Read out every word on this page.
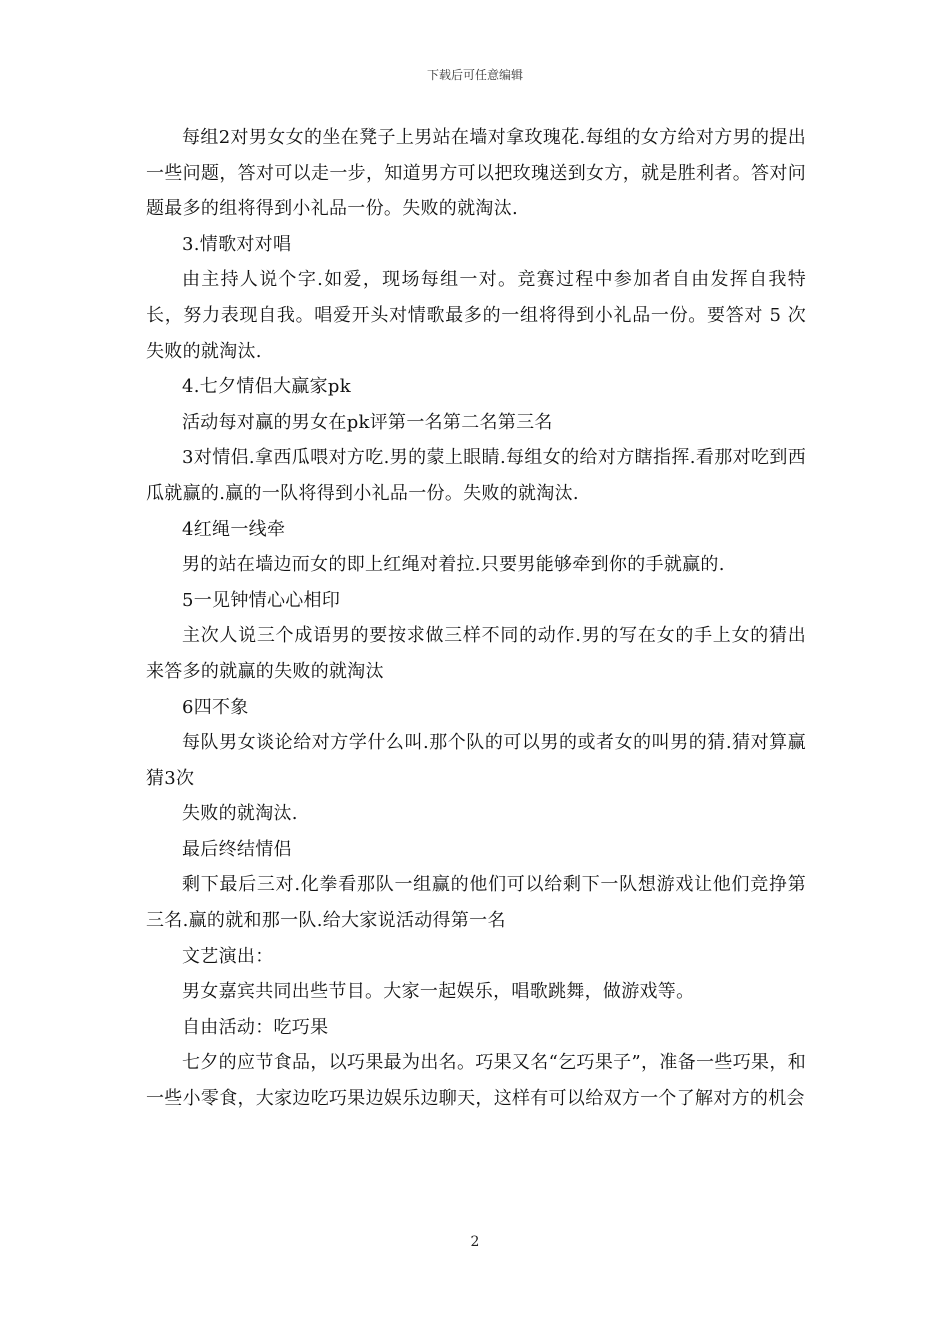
下载后可任意编辑

每组2对男女女的坐在凳子上男站在墙对拿玫瑰花.每组的女方给对方男的提出一些问题，答对可以走一步，知道男方可以把玫瑰送到女方，就是胜利者。答对问题最多的组将得到小礼品一份。失败的就淘汰.

3.情歌对对唱

由主持人说个字.如爱，现场每组一对。竞赛过程中参加者自由发挥自我特长，努力表现自我。唱爱开头对情歌最多的一组将得到小礼品一份。要答对 5 次失败的就淘汰.

4.七夕情侣大赢家pk

活动每对赢的男女在pk评第一名第二名第三名

3对情侣.拿西瓜喂对方吃.男的蒙上眼睛.每组女的给对方瞎指挥.看那对吃到西瓜就赢的.赢的一队将得到小礼品一份。失败的就淘汰.

4红绳一线牵

男的站在墙边而女的即上红绳对着拉.只要男能够牵到你的手就赢的.

5一见钟情心心相印

主次人说三个成语男的要按求做三样不同的动作.男的写在女的手上女的猜出来答多的就赢的失败的就淘汰

6四不象

每队男女谈论给对方学什么叫.那个队的可以男的或者女的叫男的猜.猜对算赢猜3次

失败的就淘汰.

最后终结情侣

剩下最后三对.化拳看那队一组赢的他们可以给剩下一队想游戏让他们竞挣第三名.赢的就和那一队.给大家说活动得第一名

文艺演出：

男女嘉宾共同出些节目。大家一起娱乐，唱歌跳舞，做游戏等。

自由活动：吃巧果

七夕的应节食品，以巧果最为出名。巧果又名“乞巧果子”，准备一些巧果，和一些小零食，大家边吃巧果边娱乐边聊天，这样有可以给双方一个了解对方的机会

2
